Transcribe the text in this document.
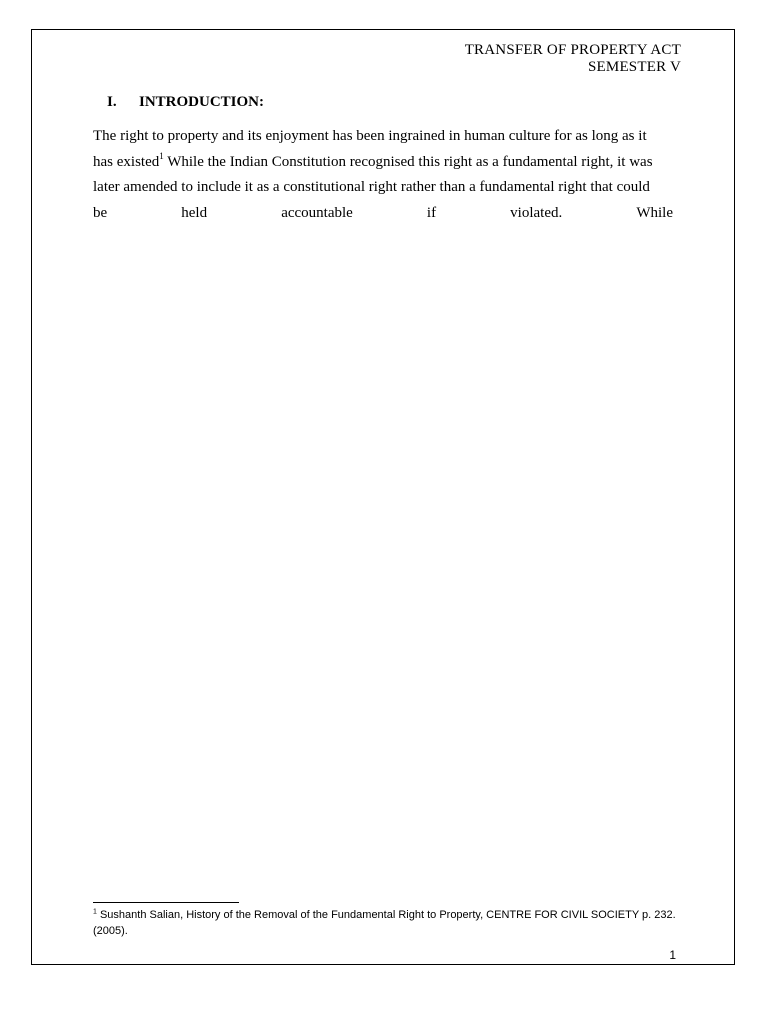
TRANSFER OF PROPERTY ACT
SEMESTER V
I. INTRODUCTION:
The right to property and its enjoyment has been ingrained in human culture for as long as it
has existed$^1$ While the Indian Constitution recognised this right as a fundamental right, it was
later amended to include it as a constitutional right rather than a fundamental right that could
be	held	accountable	if	violated.	While
$^1$ Sushanth Salian, History of the Removal of the Fundamental Right to Property, CENTRE FOR CIVIL SOCIETY p. 232. (2005).
1
